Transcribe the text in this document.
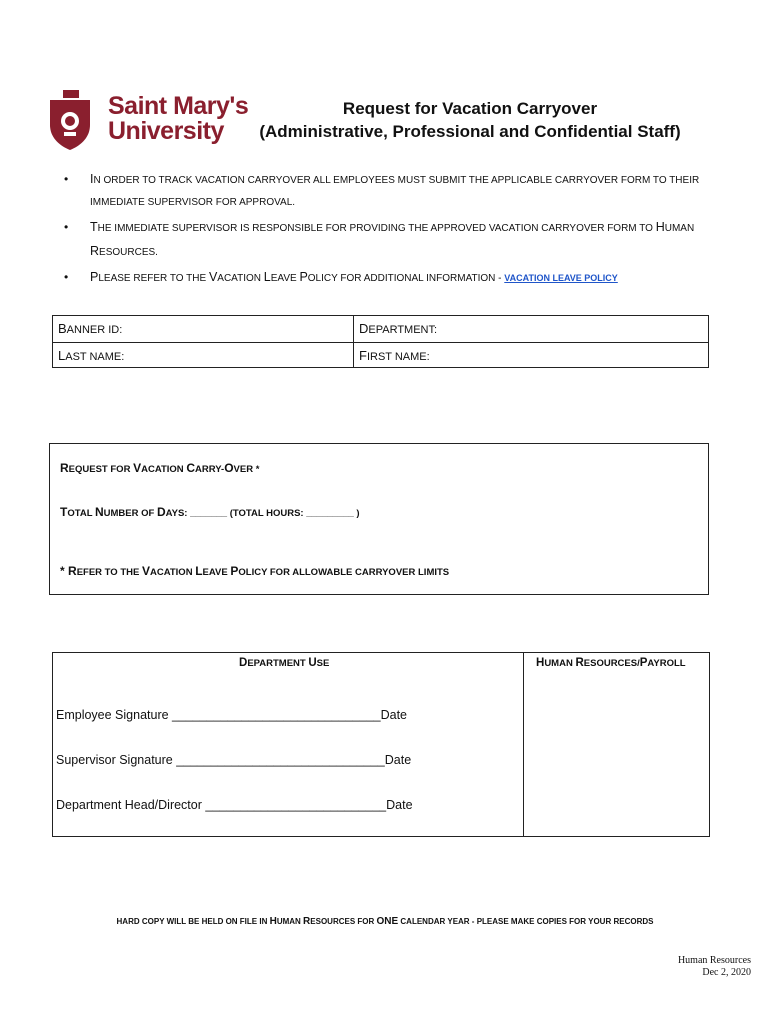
Saint Mary's
University
Request for Vacation Carryover
(Administrative, Professional and Confidential Staff)
• IN ORDER TO TRACK VACATION CARRYOVER ALL EMPLOYEES MUST SUBMIT THE APPLICABLE CARRYOVER FORM TO THEIR IMMEDIATE SUPERVISOR FOR APPROVAL.
• THE IMMEDIATE SUPERVISOR IS RESPONSIBLE FOR PROVIDING THE APPROVED VACATION CARRYOVER FORM TO HUMAN RESOURCES.
• PLEASE REFER TO THE VACATION LEAVE POLICY FOR ADDITIONAL INFORMATION - VACATION LEAVE POLICY
BANNER ID:	DEPARTMENT:
LAST NAME:	FIRST NAME:
REQUEST FOR VACATION CARRY-OVER *
TOTAL NUMBER OF DAYS: _______ (TOTAL HOURS: _________ )
* REFER TO THE VACATION LEAVE POLICY FOR ALLOWABLE CARRYOVER LIMITS
DEPARTMENT USE	HUMAN RESOURCES/PAYROLL
Employee Signature ______________________________Date
Supervisor Signature ______________________________Date
Department Head/Director __________________________Date
HARD COPY WILL BE HELD ON FILE IN HUMAN RESOURCES FOR ONE CALENDAR YEAR - PLEASE MAKE COPIES FOR YOUR RECORDS
Human Resources
Dec 2, 2020
